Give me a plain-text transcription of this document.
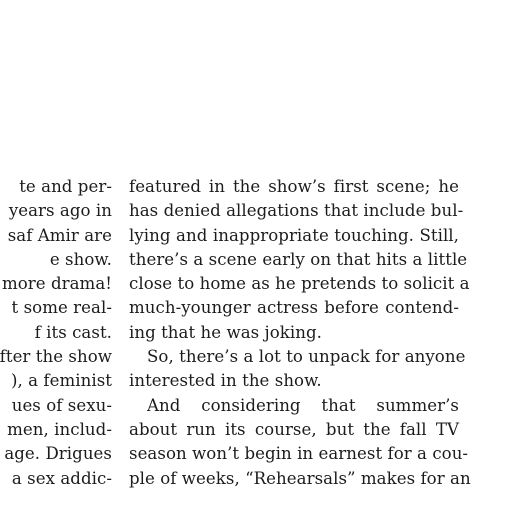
te and per-
years ago in
saf Amir are
e show.
more drama!
t some real-
f its cast.
fter the show
), a feminist
ues of sexu-
men, includ-
age. Drigues
a sex addic-
featured in the show’s first scene; he
has denied allegations that include bul-
lying and inappropriate touching. Still,
there’s a scene early on that hits a little
close to home as he pretends to solicit a
much-younger actress before contend-
ing that he was joking.
So, there’s a lot to unpack for anyone
interested in the show.
And considering that summer’s
about run its course, but the fall TV
season won’t begin in earnest for a cou-
ple of weeks, “Rehearsals” makes for an
